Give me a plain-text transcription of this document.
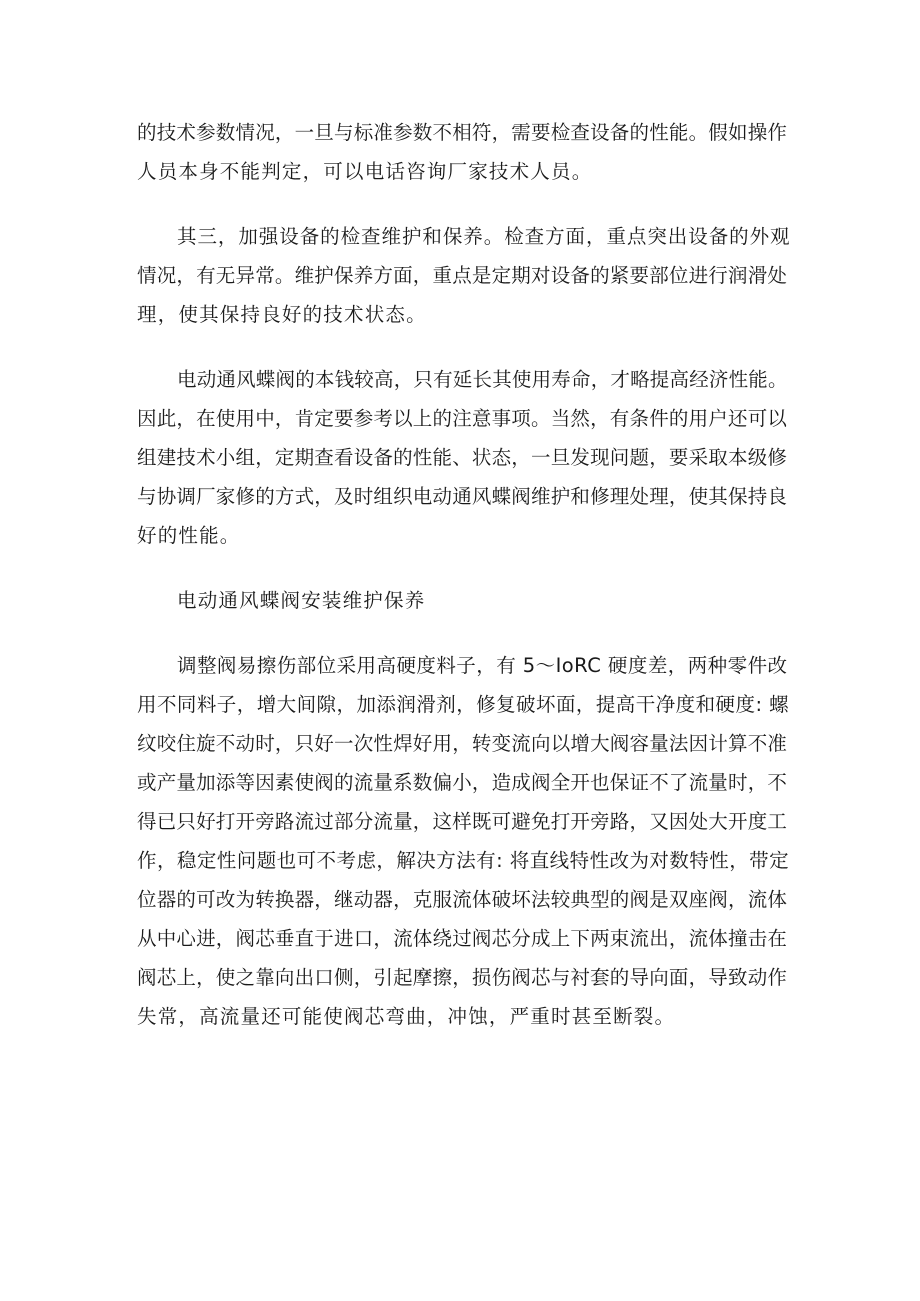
的技术参数情况，一旦与标准参数不相符，需要检查设备的性能。假如操作
人员本身不能判定，可以电话咨询厂家技术人员。

其三，加强设备的检查维护和保养。检查方面，重点突出设备的外观
情况，有无异常。维护保养方面，重点是定期对设备的紧要部位进行润滑处
理，使其保持良好的技术状态。

电动通风蝶阀的本钱较高，只有延长其使用寿命，才略提高经济性能。
因此，在使用中，肯定要参考以上的注意事项。当然，有条件的用户还可以
组建技术小组，定期查看设备的性能、状态，一旦发现问题，要采取本级修
与协调厂家修的方式，及时组织电动通风蝶阀维护和修理处理，使其保持良
好的性能。

电动通风蝶阀安装维护保养

调整阀易擦伤部位采用高硬度料子，有 5〜IoRC 硬度差，两种零件改
用不同料子，增大间隙，加添润滑剂，修复破坏面，提高干净度和硬度: 螺
纹咬住旋不动时，只好一次性焊好用，转变流向以增大阀容量法因计算不准
或产量加添等因素使阀的流量系数偏小，造成阀全开也保证不了流量时，不
得已只好打开旁路流过部分流量，这样既可避免打开旁路，又因处大开度工
作，稳定性问题也可不考虑，解决方法有: 将直线特性改为对数特性，带定
位器的可改为转换器，继动器，克服流体破坏法较典型的阀是双座阀，流体
从中心进，阀芯垂直于进口，流体绕过阀芯分成上下两束流出，流体撞击在
阀芯上，使之靠向出口侧，引起摩擦，损伤阀芯与衬套的导向面，导致动作
失常，高流量还可能使阀芯弯曲，冲蚀，严重时甚至断裂。
